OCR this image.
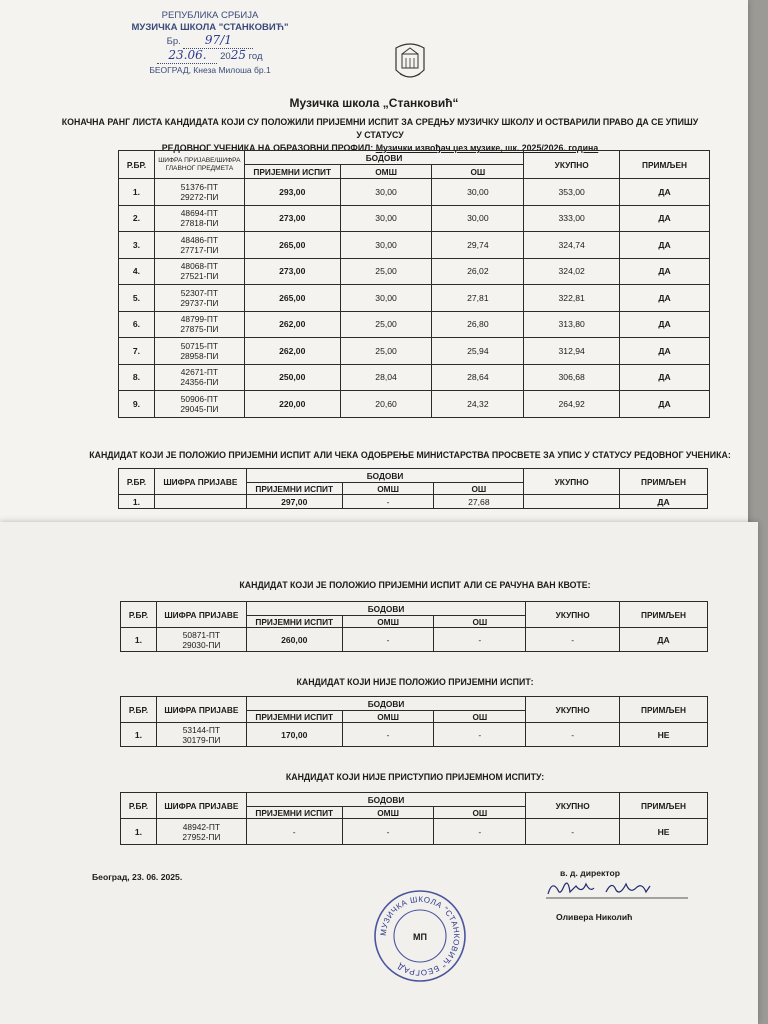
РЕПУБЛИКА СРБИЈА
МУЗИЧКА ШКОЛА "СТАНКОВИЋ"
Бр. 97/1
23.06. 2025 год
БЕОГРАД, Кнеза Милоша бр.1
Музичка школа „Станковић“
КОНАЧНА РАНГ ЛИСТА КАНДИДАТА КОЈИ СУ ПОЛОЖИЛИ ПРИЈЕМНИ ИСПИТ ЗА СРЕДЊУ МУЗИЧКУ ШКОЛУ И ОСТВАРИЛИ ПРАВО ДА СЕ УПИШУ У СТАТУСУ
РЕДОВНОГ УЧЕНИКА НА ОБРАЗОВНИ ПРОФИЛ: Музички извођач џез музике, шк. 2025/2026. година
Р.БР.	ШИФРА ПРИЈАВЕ/ШИФРА ГЛАВНОГ ПРЕДМЕТА	БОДОВИ			УКУПНО	ПРИМЉЕН
		ПРИЈЕМНИ ИСПИТ	ОМШ	ОШ		
1.	51376-ПТ
29272-ПИ	293,00	30,00	30,00	353,00	ДА
2.	48694-ПТ
27818-ПИ	273,00	30,00	30,00	333,00	ДА
3.	48486-ПТ
27717-ПИ	265,00	30,00	29,74	324,74	ДА
4.	48068-ПТ
27521-ПИ	273,00	25,00	26,02	324,02	ДА
5.	52307-ПТ
29737-ПИ	265,00	30,00	27,81	322,81	ДА
6.	48799-ПТ
27875-ПИ	262,00	25,00	26,80	313,80	ДА
7.	50715-ПТ
28958-ПИ	262,00	25,00	25,94	312,94	ДА
8.	42671-ПТ
24356-ПИ	250,00	28,04	28,64	306,68	ДА
9.	50906-ПТ
29045-ПИ	220,00	20,60	24,32	264,92	ДА
КАНДИДАТ КОЈИ ЈЕ ПОЛОЖИО ПРИЈЕМНИ ИСПИТ АЛИ ЧЕКА ОДОБРЕЊЕ МИНИСТАРСТВА ПРОСВЕТЕ ЗА УПИС У СТАТУСУ РЕДОВНОГ УЧЕНИКА:
Р.БР.	ШИФРА ПРИЈАВЕ	БОДОВИ			УКУПНО	ПРИМЉЕН
		ПРИЈЕМНИ ИСПИТ	ОМШ	ОШ		
1.		297,00	-	27,68		ДА
КАНДИДАТ КОЈИ ЈЕ ПОЛОЖИО ПРИЈЕМНИ ИСПИТ АЛИ СЕ РАЧУНА ВАН КВОТЕ:
Р.БР.	ШИФРА ПРИЈАВЕ	БОДОВИ			УКУПНО	ПРИМЉЕН
		ПРИЈЕМНИ ИСПИТ	ОМШ	ОШ		
1.	50871-ПТ
29030-ПИ	260,00	-	-	-	ДА
КАНДИДАТ КОЈИ НИЈЕ ПОЛОЖИО ПРИЈЕМНИ ИСПИТ:
Р.БР.	ШИФРА ПРИЈАВЕ	БОДОВИ			УКУПНО	ПРИМЉЕН
		ПРИЈЕМНИ ИСПИТ	ОМШ	ОШ		
1.	53144-ПТ
30179-ПИ	170,00	-	-	-	НЕ
КАНДИДАТ КОЈИ НИЈЕ ПРИСТУПИО ПРИЈЕМНОМ ИСПИТУ:
Р.БР.	ШИФРА ПРИЈАВЕ	БОДОВИ			УКУПНО	ПРИМЉЕН
		ПРИЈЕМНИ ИСПИТ	ОМШ	ОШ		
1.	48942-ПТ
27952-ПИ	-	-	-	-	НЕ
Београд, 23. 06. 2025.	в. д. директор
Оливера Николић
МУЗИЧКА ШКОЛА "СТАНКОВИЋ" БЕОГРАД
МП
